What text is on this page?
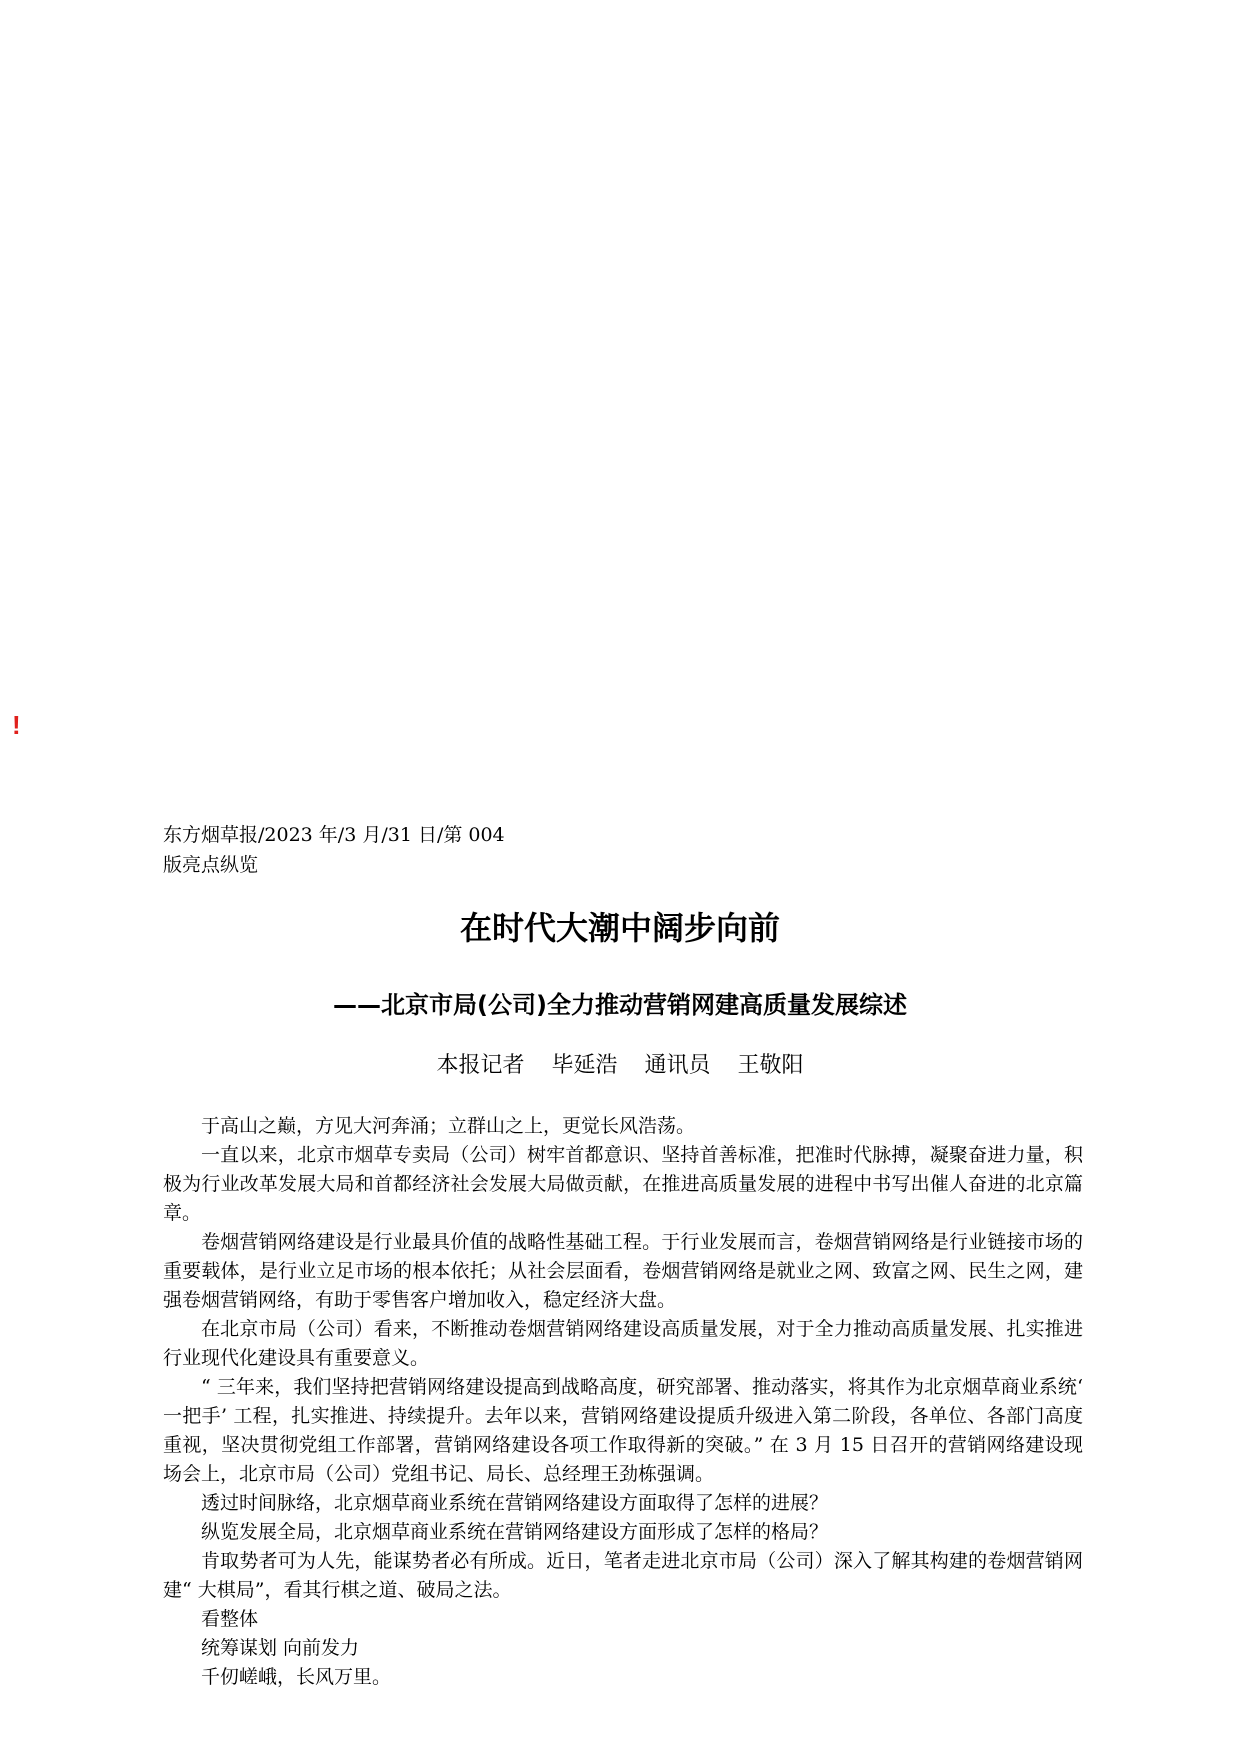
!
东方烟草报/2023 年/3 月/31 日/第 004
版亮点纵览
在时代大潮中阔步向前
——北京市局(公司)全力推动营销网建高质量发展综述
本报记者 毕延浩 通讯员 王敬阳

于高山之巅，方见大河奔涌；立群山之上，更觉长风浩荡。

一直以来，北京市烟草专卖局（公司）树牢首都意识、坚持首善标准，把准时代脉搏，凝聚奋进力量，积极为行业改革发展大局和首都经济社会发展大局做贡献，在推进高质量发展的进程中书写出催人奋进的北京篇章。

卷烟营销网络建设是行业最具价值的战略性基础工程。于行业发展而言，卷烟营销网络是行业链接市场的重要载体，是行业立足市场的根本依托；从社会层面看，卷烟营销网络是就业之网、致富之网、民生之网，建强卷烟营销网络，有助于零售客户增加收入，稳定经济大盘。

在北京市局（公司）看来，不断推动卷烟营销网络建设高质量发展，对于全力推动高质量发展、扎实推进行业现代化建设具有重要意义。

“ 三年来，我们坚持把营销网络建设提高到战略高度，研究部署、推动落实，将其作为北京烟草商业系统‘ 一把手’ 工程，扎实推进、持续提升。去年以来，营销网络建设提质升级进入第二阶段，各单位、各部门高度重视，坚决贯彻党组工作部署，营销网络建设各项工作取得新的突破。” 在 3 月 15 日召开的营销网络建设现场会上，北京市局（公司）党组书记、局长、总经理王劲栋强调。

透过时间脉络，北京烟草商业系统在营销网络建设方面取得了怎样的进展？

纵览发展全局，北京烟草商业系统在营销网络建设方面形成了怎样的格局？

肯取势者可为人先，能谋势者必有所成。近日，笔者走进北京市局（公司）深入了解其构建的卷烟营销网建“ 大棋局”，看其行棋之道、破局之法。

看整体

统筹谋划 向前发力

千仞嵯峨，长风万里。
